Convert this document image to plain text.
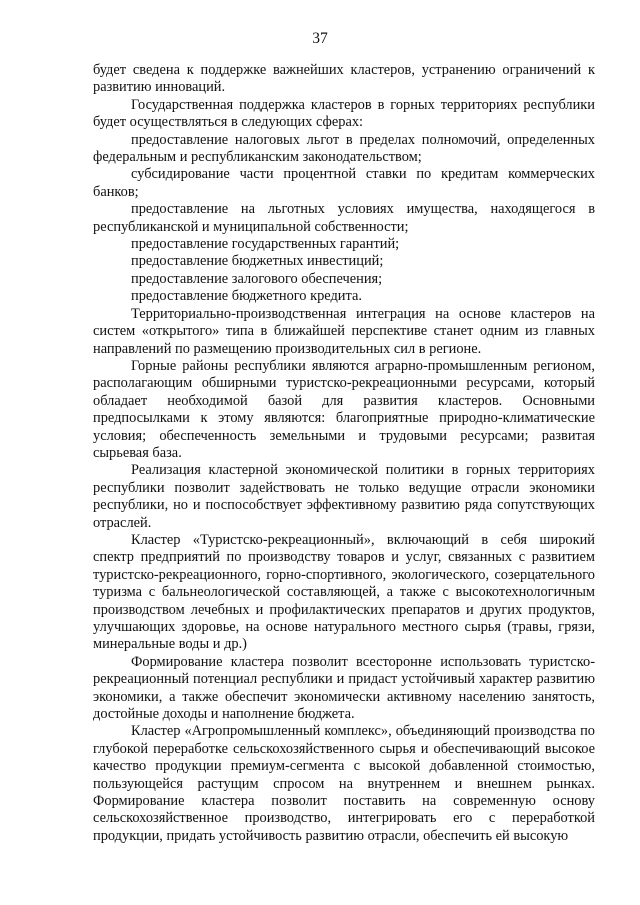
37

будет сведена к поддержке важнейших кластеров, устранению ограничений к развитию инноваций.

Государственная поддержка кластеров в горных территориях республики будет осуществляться в следующих сферах:

предоставление налоговых льгот в пределах полномочий, определенных федеральным и республиканским законодательством;

субсидирование части процентной ставки по кредитам коммерческих банков;

предоставление на льготных условиях имущества, находящегося в республиканской и муниципальной собственности;

предоставление государственных гарантий;

предоставление бюджетных инвестиций;

предоставление залогового обеспечения;

предоставление бюджетного кредита.

Территориально-производственная интеграция на основе кластеров на систем «открытого» типа в ближайшей перспективе станет одним из главных направлений по размещению производительных сил в регионе.

Горные районы республики являются аграрно-промышленным регионом, располагающим обширными туристско-рекреационными ресурсами, который обладает необходимой базой для развития кластеров. Основными предпосылками к этому являются: благоприятные природно-климатические условия; обеспеченность земельными и трудовыми ресурсами; развитая сырьевая база.

Реализация кластерной экономической политики в горных территориях республики позволит задействовать не только ведущие отрасли экономики республики, но и поспособствует эффективному развитию ряда сопутствующих отраслей.

Кластер «Туристско-рекреационный», включающий в себя широкий спектр предприятий по производству товаров и услуг, связанных с развитием туристско-рекреационного, горно-спортивного, экологического, созерцательного туризма с бальнеологической составляющей, а также с высокотехнологичным производством лечебных и профилактических препаратов и других продуктов, улучшающих здоровье, на основе натурального местного сырья (травы, грязи, минеральные воды и др.)

Формирование кластера позволит всесторонне использовать туристско-рекреационный потенциал республики и придаст устойчивый характер развитию экономики, а также обеспечит экономически активному населению занятость, достойные доходы и наполнение бюджета.

Кластер «Агропромышленный комплекс», объединяющий производства по глубокой переработке сельскохозяйственного сырья и обеспечивающий высокое качество продукции премиум-сегмента с высокой добавленной стоимостью, пользующейся растущим спросом на внутреннем и внешнем рынках. Формирование кластера позволит поставить на современную основу сельскохозяйственное производство, интегрировать его с переработкой продукции, придать устойчивость развитию отрасли, обеспечить ей высокую
